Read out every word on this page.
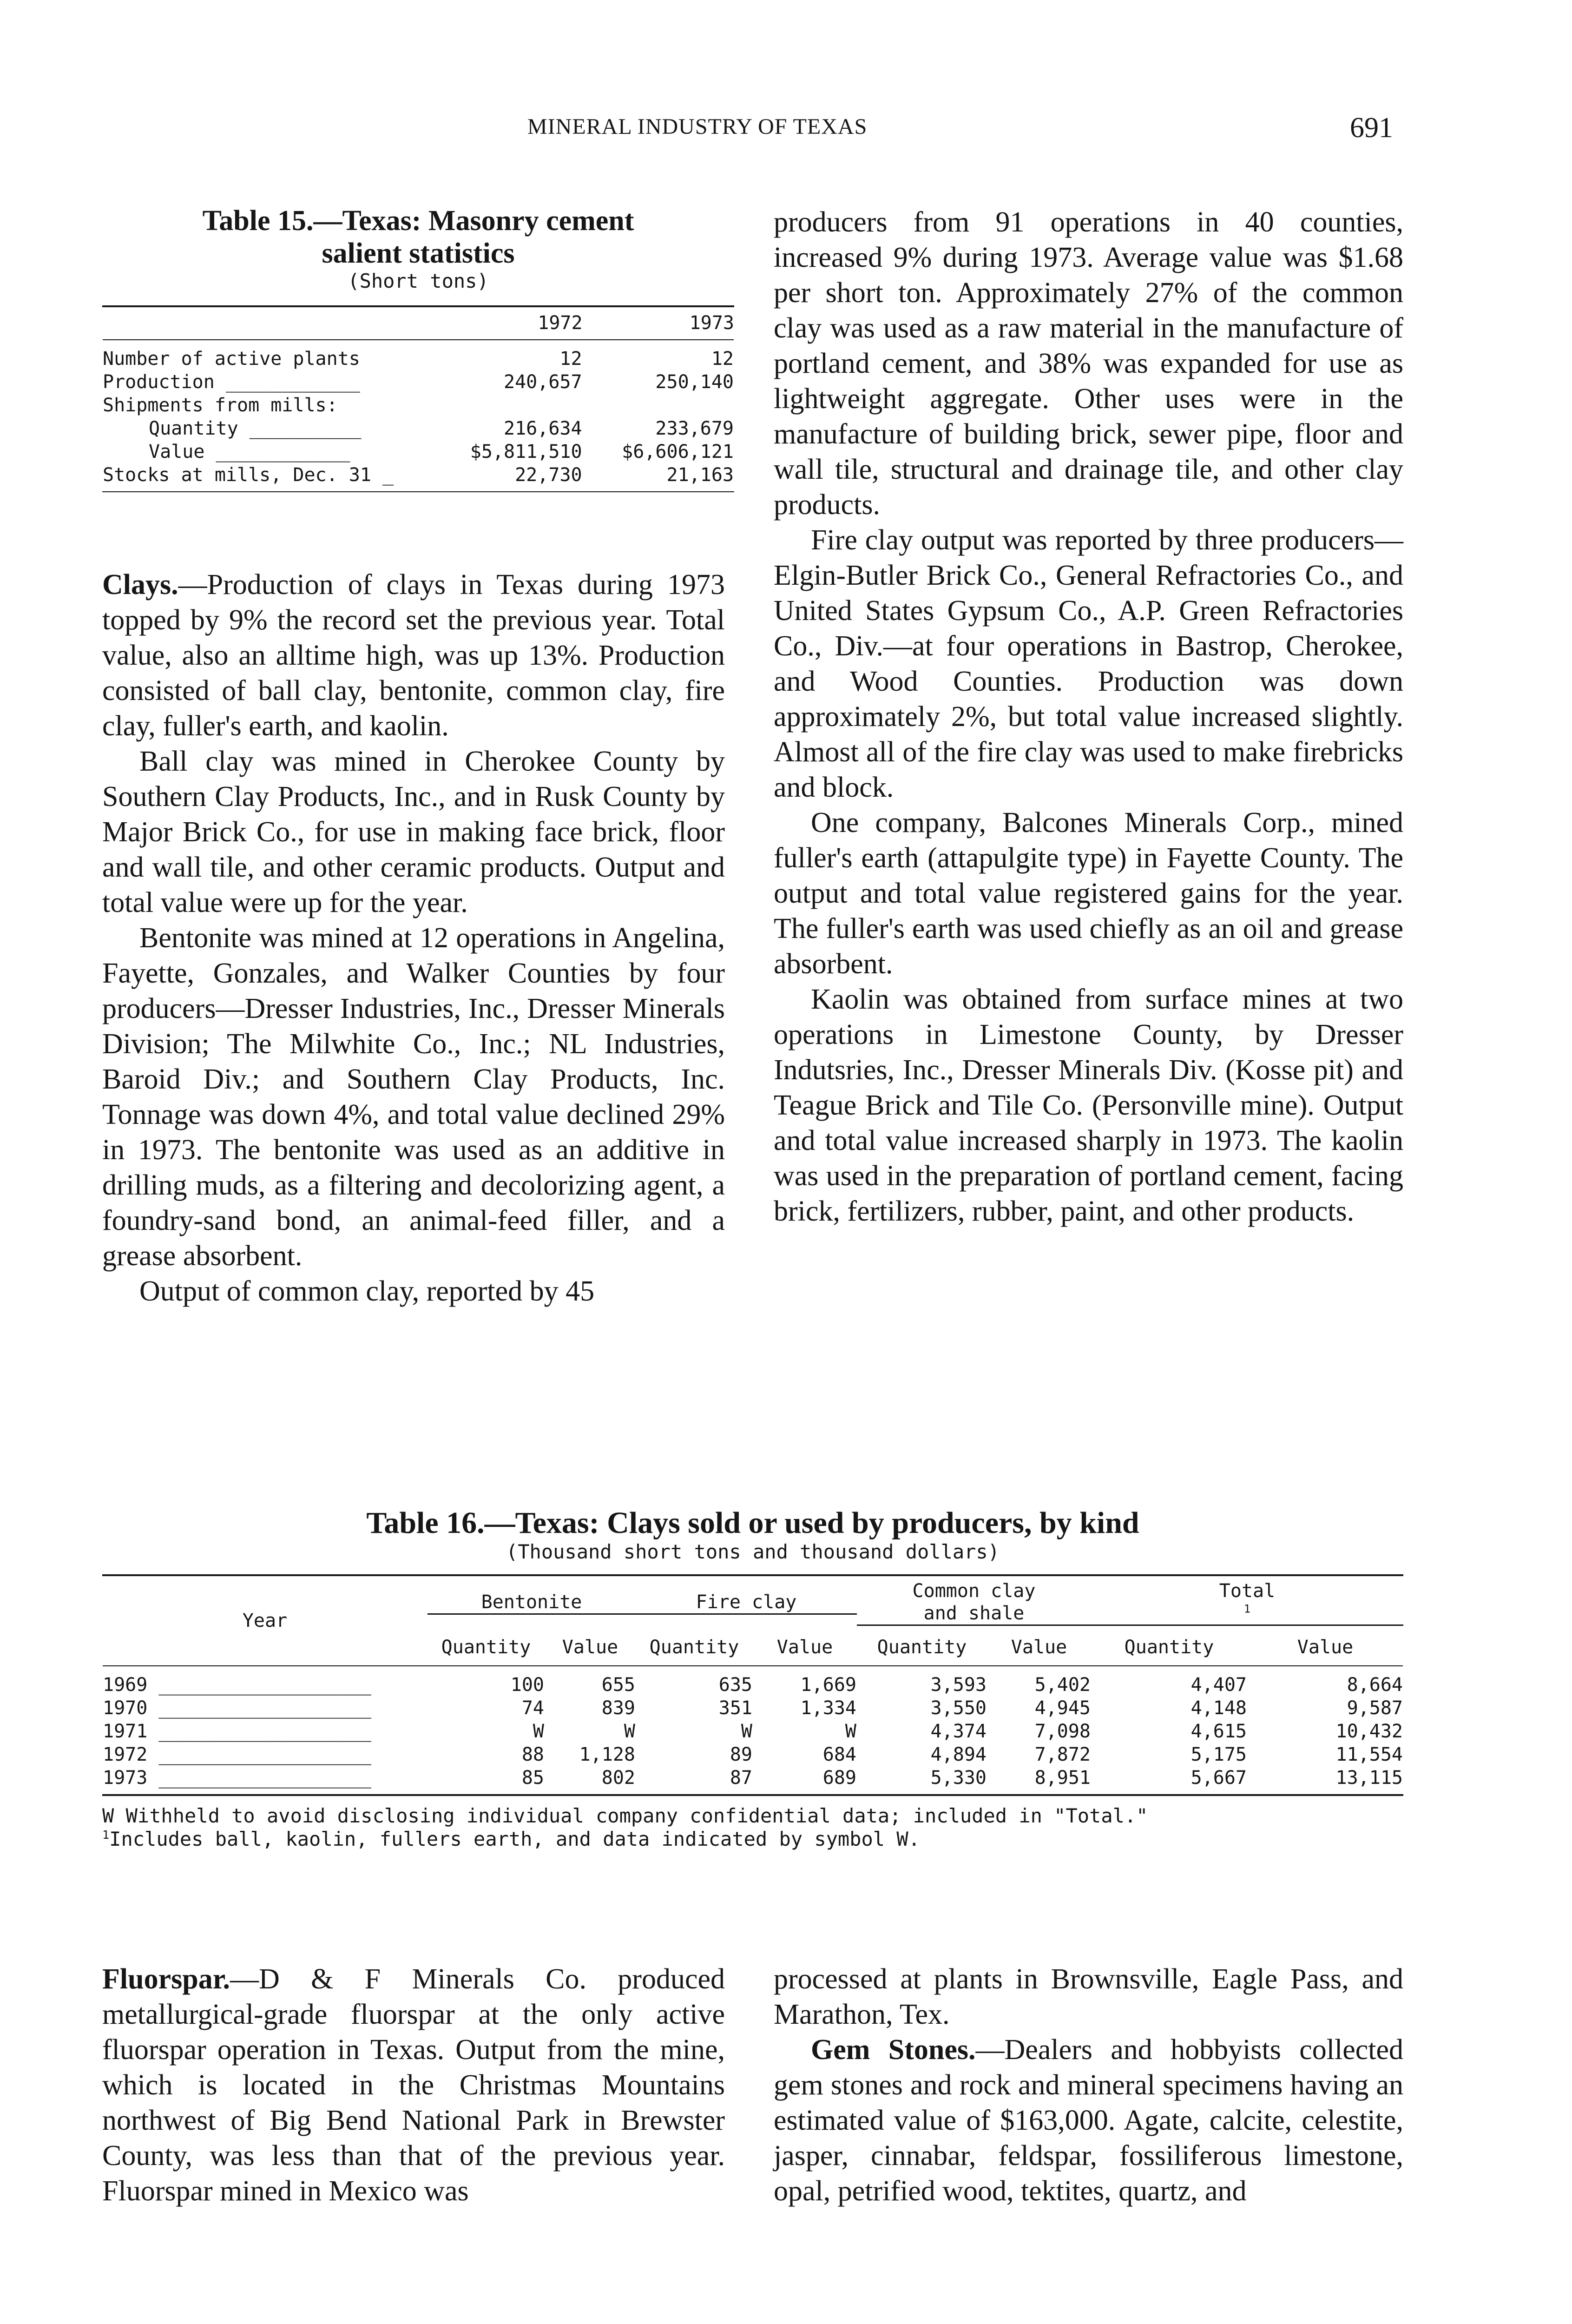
MINERAL INDUSTRY OF TEXAS	691
Table 15.—Texas: Masonry cement
salient statistics
(Short tons)
	1972	1973

Number of active plants	12	12
Production ____________	240,657	250,140
Shipments from mills:		
Quantity __________	216,634	233,679
Value ____________	$5,811,510	$6,606,121
Stocks at mills, Dec. 31 _	22,730	21,163

Clays.—Production of clays in Texas during 1973 topped by 9% the record set the previous year. Total value, also an alltime high, was up 13%. Production consisted of ball clay, bentonite, common clay, fire clay, fuller's earth, and kaolin.

Ball clay was mined in Cherokee County by Southern Clay Products, Inc., and in Rusk County by Major Brick Co., for use in making face brick, floor and wall tile, and other ceramic products. Output and total value were up for the year.

Bentonite was mined at 12 operations in Angelina, Fayette, Gonzales, and Walker Counties by four producers—Dresser Industries, Inc., Dresser Minerals Division; The Milwhite Co., Inc.; NL Industries, Baroid Div.; and Southern Clay Products, Inc. Tonnage was down 4%, and total value declined 29% in 1973. The bentonite was used as an additive in drilling muds, as a filtering and decolorizing agent, a foundry-sand bond, an animal-feed filler, and a grease absorbent.

Output of common clay, reported by 45

producers from 91 operations in 40 counties, increased 9% during 1973. Average value was $1.68 per short ton. Approximately 27% of the common clay was used as a raw material in the manufacture of portland cement, and 38% was expanded for use as lightweight aggregate. Other uses were in the manufacture of building brick, sewer pipe, floor and wall tile, structural and drainage tile, and other clay products.

Fire clay output was reported by three producers—Elgin-Butler Brick Co., General Refractories Co., and United States Gypsum Co., A.P. Green Refractories Co., Div.—at four operations in Bastrop, Cherokee, and Wood Counties. Production was down approximately 2%, but total value increased slightly. Almost all of the fire clay was used to make firebricks and block.

One company, Balcones Minerals Corp., mined fuller's earth (attapulgite type) in Fayette County. The output and total value registered gains for the year. The fuller's earth was used chiefly as an oil and grease absorbent.

Kaolin was obtained from surface mines at two operations in Limestone County, by Dresser Indutsries, Inc., Dresser Minerals Div. (Kosse pit) and Teague Brick and Tile Co. (Personville mine). Output and total value increased sharply in 1973. The kaolin was used in the preparation of portland cement, facing brick, fertilizers, rubber, paint, and other products.

Table 16.—Texas: Clays sold or used by producers, by kind
(Thousand short tons and thousand dollars)
Year	Bentonite		Fire clay		Common clay
and shale		Total
$^1$

	Quantity	Value	Quantity	Value	Quantity	Value	Quantity	Value

1969 ___________________	100	655	635	1,669	3,593	5,402	4,407	8,664
1970 ___________________	74	839	351	1,334	3,550	4,945	4,148	9,587
1971 ___________________	W	W	W	W	4,374	7,098	4,615	10,432
1972 ___________________	88	1,128	89	684	4,894	7,872	5,175	11,554
1973 ___________________	85	802	87	689	5,330	8,951	5,667	13,115
W Withheld to avoid disclosing individual company confidential data; included in "Total."
$^1$Includes ball, kaolin, fullers earth, and data indicated by symbol W.

Fluorspar.—D & F Minerals Co. produced metallurgical-grade fluorspar at the only active fluorspar operation in Texas. Output from the mine, which is located in the Christmas Mountains northwest of Big Bend National Park in Brewster County, was less than that of the previous year. Fluorspar mined in Mexico was

processed at plants in Brownsville, Eagle Pass, and Marathon, Tex.

Gem Stones.—Dealers and hobbyists collected gem stones and rock and mineral specimens having an estimated value of $163,000. Agate, calcite, celestite, jasper, cinnabar, feldspar, fossiliferous limestone, opal, petrified wood, tektites, quartz, and
